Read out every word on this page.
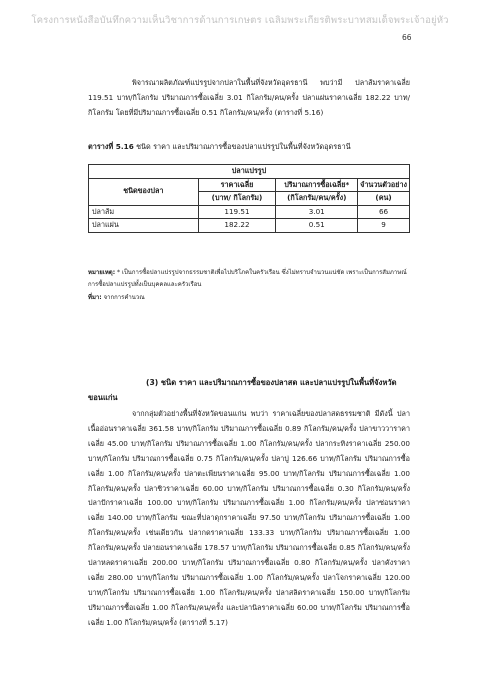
โครงการหนังสือบันทึกความเห็นวิชาการด้านการเกษตร เฉลิมพระเกียรติพระบาทสมเด็จพระเจ้าอยู่หัว
66
พิจารณาผลิตภัณฑ์แปรรูปจากปลาในพื้นที่จังหวัดอุดรธานี พบว่ามี ปลาส้มราคาเฉลี่ย 119.51 บาท/กิโลกรัม ปริมาณการซื้อเฉลี่ย 3.01 กิโลกรัม/คน/ครั้ง ปลาแผ่นราคาเฉลี่ย 182.22 บาท/กิโลกรัม โดยที่มีปริมาณการซื้อเฉลี่ย 0.51 กิโลกรัม/คน/ครั้ง (ตารางที่ 5.16)
ตารางที่ 5.16 ชนิด ราคา และปริมาณการซื้อของปลาแปรรูปในพื้นที่จังหวัดอุดรธานี
ปลาแปรรูป			
ชนิดของปลา	ราคาเฉลี่ย	ปริมาณการซื้อเฉลี่ย*	จำนวนตัวอย่าง
	(บาท/ กิโลกรัม)	(กิโลกรัม/คน/ครั้ง)	(คน)
ปลาส้ม	119.51	3.01	66
ปลาแผ่น	182.22	0.51	9
หมายเหตุ: * เป็นการซื้อปลาแปรรูปจากธรรมชาติเพื่อไปบริโภคในครัวเรือน ซึ่งไม่ทราบจำนวนแน่ชัด เพราะเป็นการสัมภาษณ์การซื้อปลาแปรรูปทั้งเป็นบุคคลและครัวเรือน
ที่มา: จากการคำนวณ
(3) ชนิด ราคา และปริมาณการซื้อของปลาสด และปลาแปรรูปในพื้นที่จังหวัดขอนแก่น
จากกลุ่มตัวอย่างพื้นที่จังหวัดขอนแก่น พบว่า ราคาเฉลี่ยของปลาสดธรรมชาติ มีดังนี้ ปลาเนื้ออ่อนราคาเฉลี่ย 361.58 บาท/กิโลกรัม ปริมาณการซื้อเฉลี่ย 0.89 กิโลกรัม/คน/ครั้ง ปลาขาววาราคาเฉลี่ย 45.00 บาท/กิโลกรัม ปริมาณการซื้อเฉลี่ย 1.00 กิโลกรัม/คน/ครั้ง ปลากระทิงราคาเฉลี่ย 250.00 บาท/กิโลกรัม ปริมาณการซื้อเฉลี่ย 0.75 กิโลกรัม/คน/ครั้ง ปลาบู่ 126.66 บาท/กิโลกรัม ปริมาณการซื้อเฉลี่ย 1.00 กิโลกรัม/คน/ครั้ง ปลาตะเพียนราคาเฉลี่ย 95.00 บาท/กิโลกรัม ปริมาณการซื้อเฉลี่ย 1.00 กิโลกรัม/คน/ครั้ง ปลาชิวราคาเฉลี่ย 60.00 บาท/กิโลกรัม ปริมาณการซื้อเฉลี่ย 0.30 กิโลกรัม/คน/ครั้ง ปลาปักราคาเฉลี่ย 100.00 บาท/กิโลกรัม ปริมาณการซื้อเฉลี่ย 1.00 กิโลกรัม/คน/ครั้ง ปลาซ่อนราคาเฉลี่ย 140.00 บาท/กิโลกรัม ขณะที่ปลาดุกราคาเฉลี่ย 97.50 บาท/กิโลกรัม ปริมาณการซื้อเฉลี่ย 1.00 กิโลกรัม/คน/ครั้ง เช่นเดียวกัน ปลากดราคาเฉลี่ย 133.33 บาท/กิโลกรัม ปริมาณการซื้อเฉลี่ย 1.00 กิโลกรัม/คน/ครั้ง ปลายอนราคาเฉลี่ย 178.57 บาท/กิโลกรัม ปริมาณการซื้อเฉลี่ย 0.85 กิโลกรัม/คน/ครั้ง ปลาหลดราคาเฉลี่ย 200.00 บาท/กิโลกรัม ปริมาณการซื้อเฉลี่ย 0.80 กิโลกรัม/คน/ครั้ง ปลาคังราคาเฉลี่ย 280.00 บาท/กิโลกรัม ปริมาณการซื้อเฉลี่ย 1.00 กิโลกรัม/คน/ครั้ง ปลาโจกราคาเฉลี่ย 120.00 บาท/กิโลกรัม ปริมาณการซื้อเฉลี่ย 1.00 กิโลกรัม/คน/ครั้ง ปลาสลิดราคาเฉลี่ย 150.00 บาท/กิโลกรัม ปริมาณการซื้อเฉลี่ย 1.00 กิโลกรัม/คน/ครั้ง และปลานิลราคาเฉลี่ย 60.00 บาท/กิโลกรัม ปริมาณการซื้อเฉลี่ย 1.00 กิโลกรัม/คน/ครั้ง (ตารางที่ 5.17)
